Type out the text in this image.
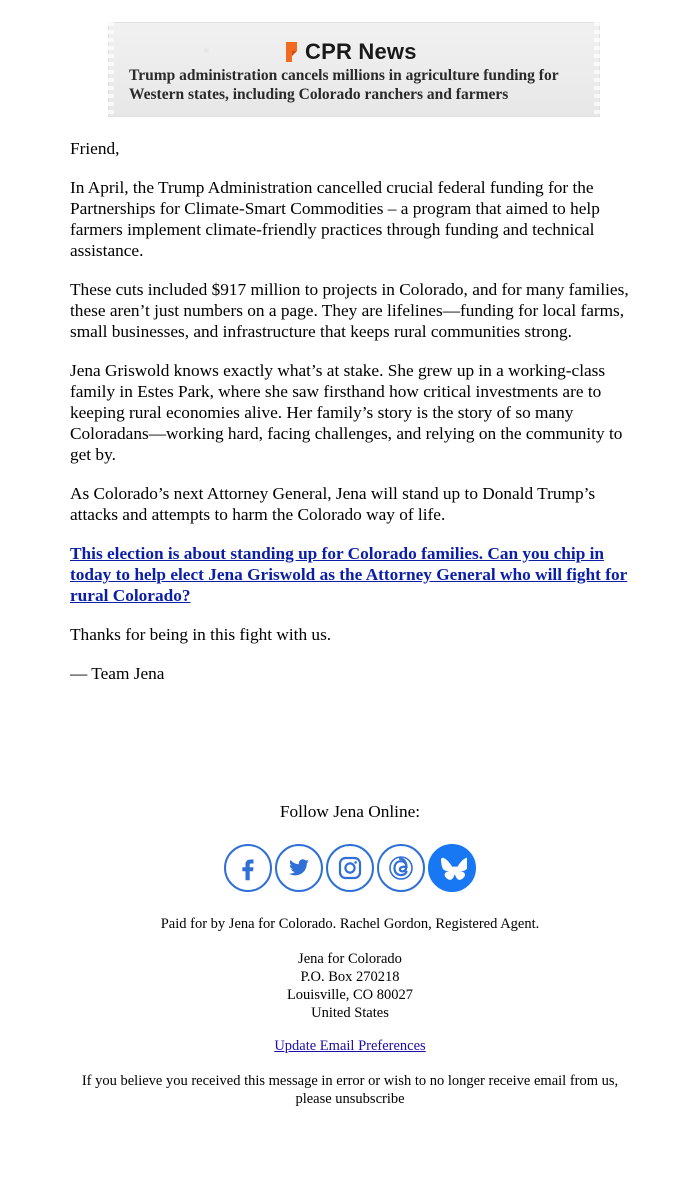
CPR News
Trump administration cancels millions in agriculture funding for Western states, including Colorado ranchers and farmers

Friend,

In April, the Trump Administration cancelled crucial federal funding for the Partnerships for Climate-Smart Commodities – a program that aimed to help farmers implement climate-friendly practices through funding and technical assistance.

These cuts included $917 million to projects in Colorado, and for many families, these aren’t just numbers on a page. They are lifelines—funding for local farms, small businesses, and infrastructure that keeps rural communities strong.

Jena Griswold knows exactly what’s at stake. She grew up in a working-class family in Estes Park, where she saw firsthand how critical investments are to keeping rural economies alive. Her family’s story is the story of so many Coloradans—working hard, facing challenges, and relying on the community to get by.

As Colorado’s next Attorney General, Jena will stand up to Donald Trump’s attacks and attempts to harm the Colorado way of life.

This election is about standing up for Colorado families. Can you chip in today to help elect Jena Griswold as the Attorney General who will fight for rural Colorado?

Thanks for being in this fight with us.

— Team Jena

Follow Jena Online:
Paid for by Jena for Colorado. Rachel Gordon, Registered Agent.
Jena for Colorado
P.O. Box 270218
Louisville, CO 80027
United States
Update Email Preferences
If you believe you received this message in error or wish to no longer receive email from us, please unsubscribe
